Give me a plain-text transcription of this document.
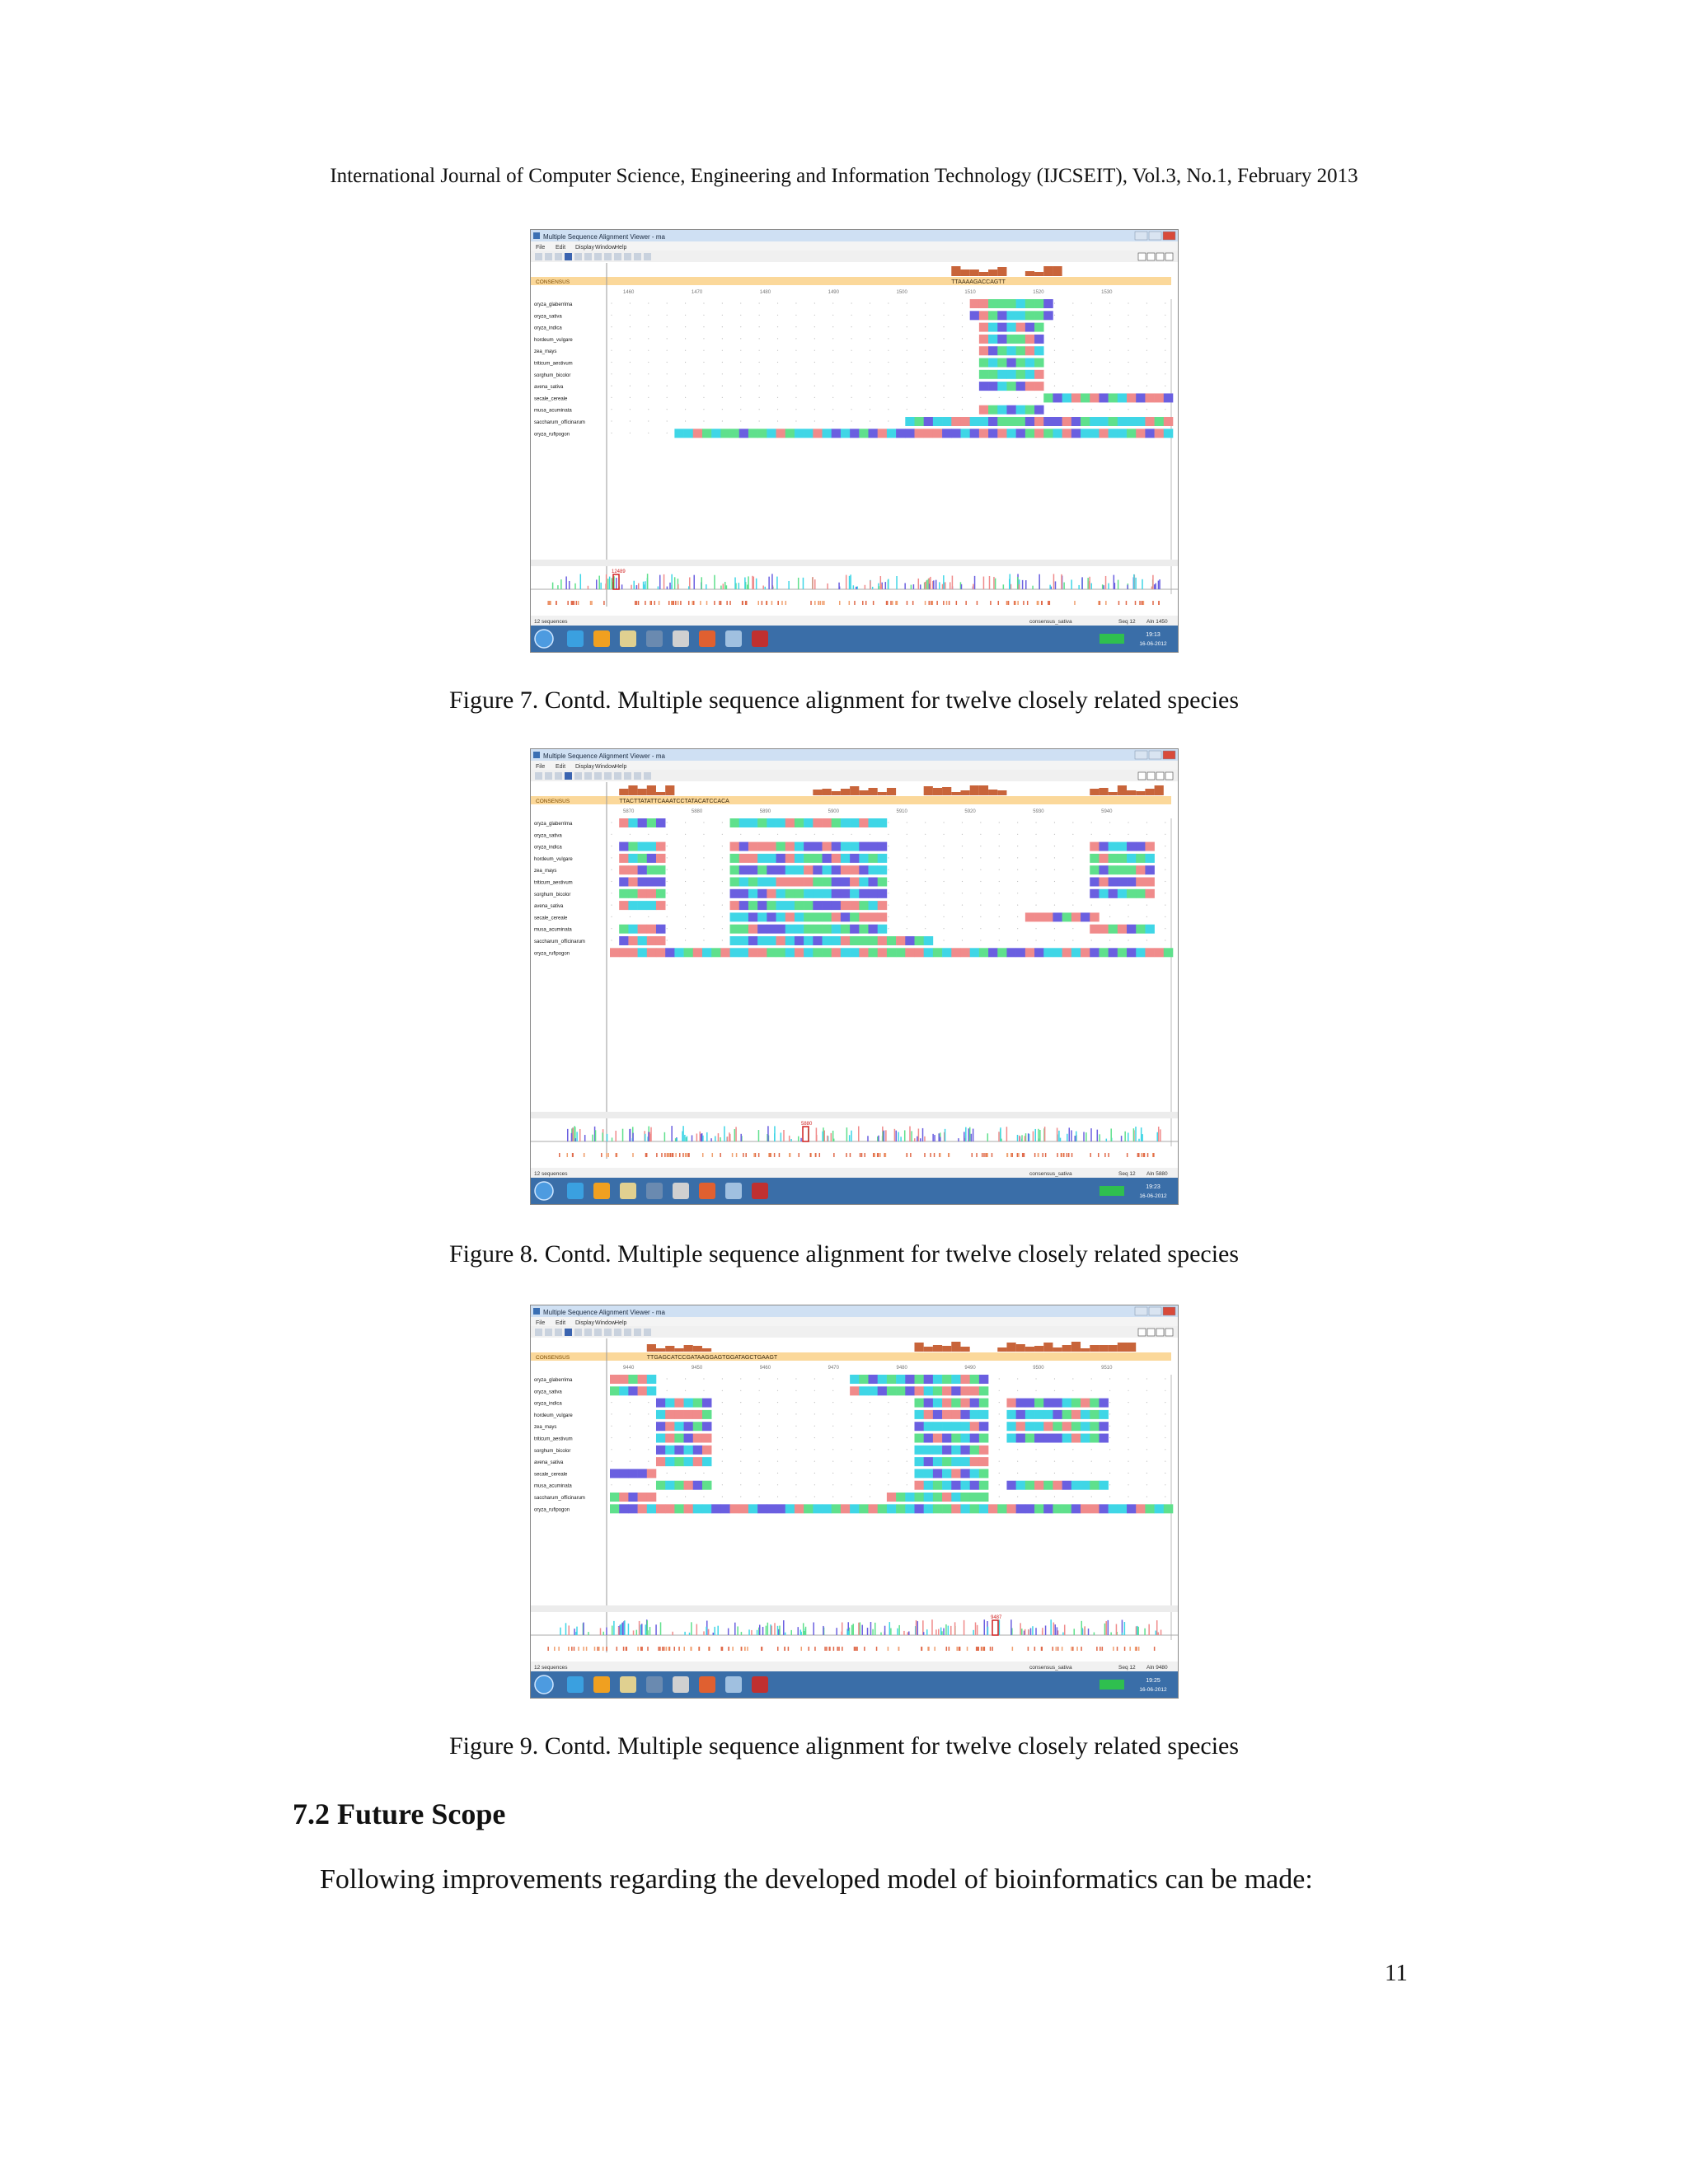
International Journal of Computer Science, Engineering and Information Technology (IJCSEIT), Vol.3, No.1, February 2013
Multiple Sequence Alignment Viewer - ma
File Edit Display Window Help
CONSENSUS	TTAAAAGACCAGTT
1460	1470	1480	1490	1500	1510	1520	1530
oryza_glaberrima
oryza_sativa
oryza_indica
hordeum_vulgare
zea_mays
triticum_aestivum
sorghum_bicolor
avena_sativa
secale_cereale
musa_acuminata
saccharum_officinarum
oryza_rufipogon
12489
12 sequences	consensus_sativa	Seq 12 Aln 1450
19:13
16-06-2012
Figure 7. Contd. Multiple sequence alignment for twelve closely related species
Multiple Sequence Alignment Viewer - ma
File Edit Display Window Help
CONSENSUS	TTACTTATATTCAAATCCTATACATCCACA
5870	5880	5890	5900	5910	5920	5930	5940
oryza_glaberrima
oryza_sativa
oryza_indica
hordeum_vulgare
zea_mays
triticum_aestivum
sorghum_bicolor
avena_sativa
secale_cereale
musa_acuminata
saccharum_officinarum
oryza_rufipogon
5880
12 sequences	consensus_sativa	Seq 12 Aln 5880
19:23
16-06-2012
Figure 8. Contd. Multiple sequence alignment for twelve closely related species
Multiple Sequence Alignment Viewer - ma
File Edit Display Window Help
CONSENSUS	TTGAGCATCCGATAAGGAGTGGATAGCTGAAGT
9440	9450	9460	9470	9480	9490	9500	9510
oryza_glaberrima
oryza_sativa
oryza_indica
hordeum_vulgare
zea_mays
triticum_aestivum
sorghum_bicolor
avena_sativa
secale_cereale
musa_acuminata
saccharum_officinarum
oryza_rufipogon
9487
12 sequences	consensus_sativa	Seq 12 Aln 9480
19:25
16-06-2012
Figure 9. Contd. Multiple sequence alignment for twelve closely related species
7.2 Future Scope
Following improvements regarding the developed model of bioinformatics can be made:
11
